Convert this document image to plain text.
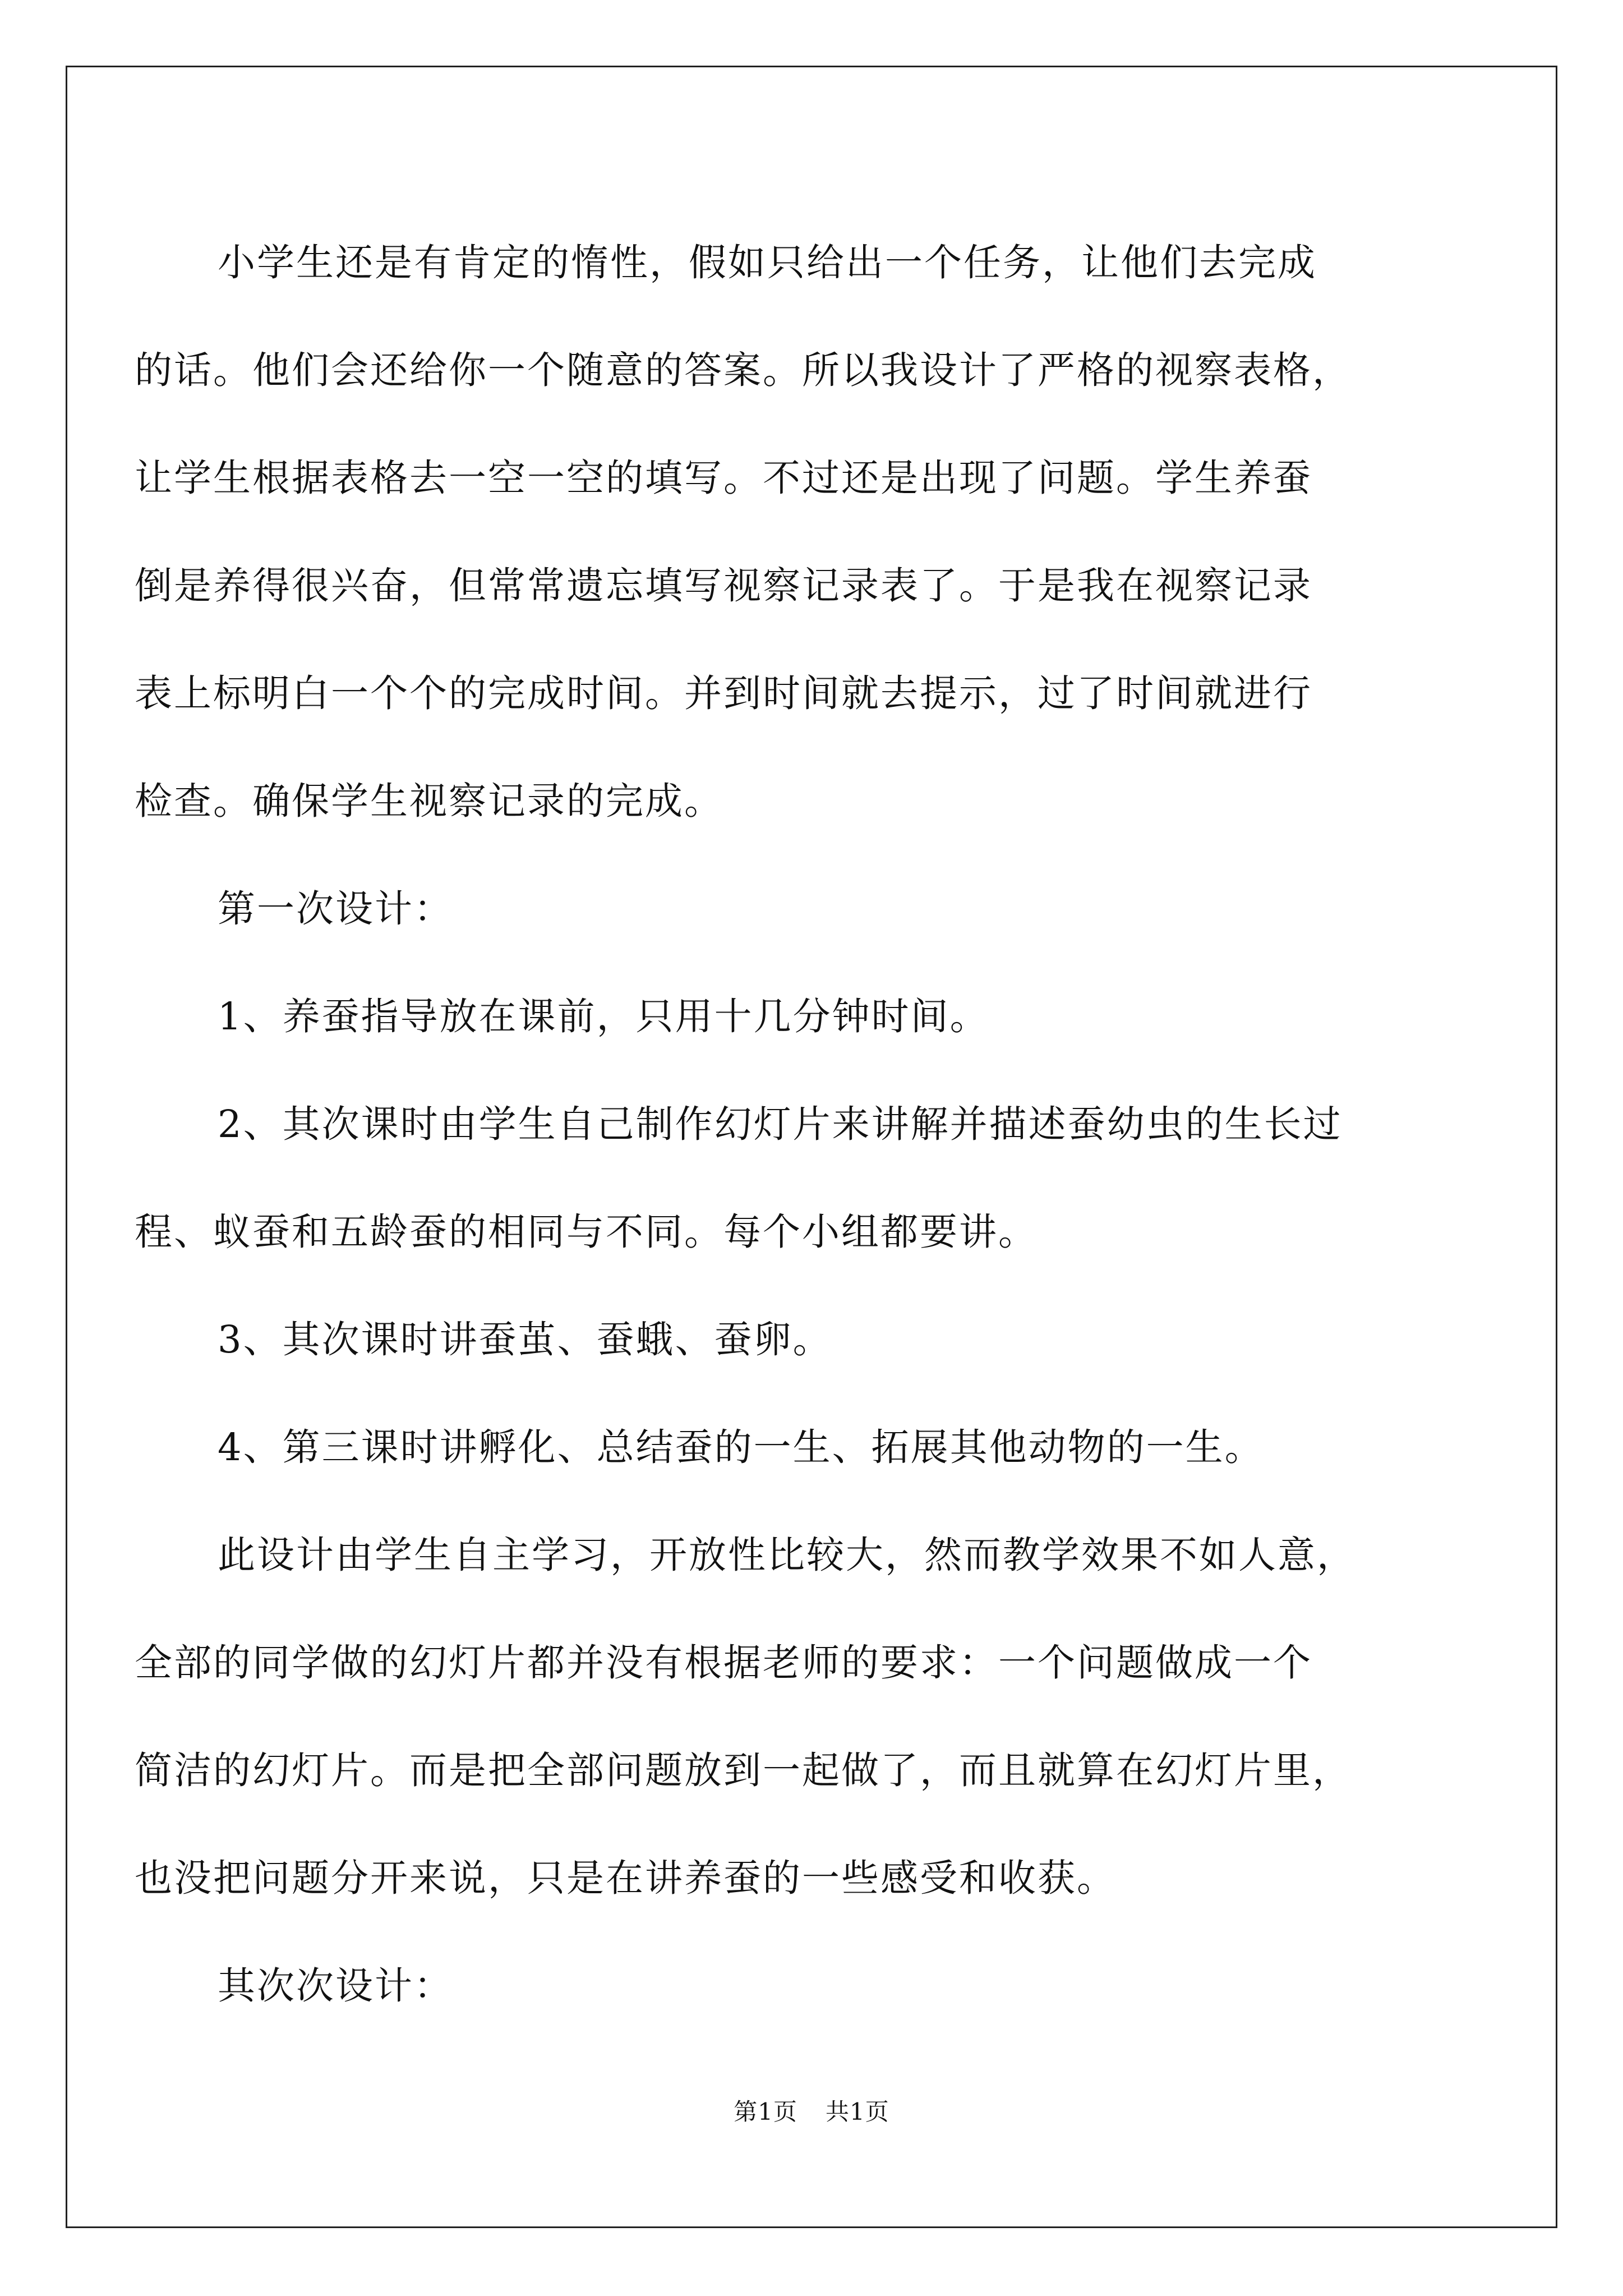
小学生还是有肯定的惰性，假如只给出一个任务，让他们去完成
的话。他们会还给你一个随意的答案。所以我设计了严格的视察表格，
让学生根据表格去一空一空的填写。不过还是出现了问题。学生养蚕
倒是养得很兴奋，但常常遗忘填写视察记录表了。于是我在视察记录
表上标明白一个个的完成时间。并到时间就去提示，过了时间就进行
检查。确保学生视察记录的完成。
第一次设计：
1、养蚕指导放在课前，只用十几分钟时间。
2、其次课时由学生自己制作幻灯片来讲解并描述蚕幼虫的生长过
程、蚁蚕和五龄蚕的相同与不同。每个小组都要讲。
3、其次课时讲蚕茧、蚕蛾、蚕卵。
4、第三课时讲孵化、总结蚕的一生、拓展其他动物的一生。
此设计由学生自主学习，开放性比较大，然而教学效果不如人意，
全部的同学做的幻灯片都并没有根据老师的要求：一个问题做成一个
简洁的幻灯片。而是把全部问题放到一起做了，而且就算在幻灯片里，
也没把问题分开来说，只是在讲养蚕的一些感受和收获。
其次次设计：
第1页 共1页
